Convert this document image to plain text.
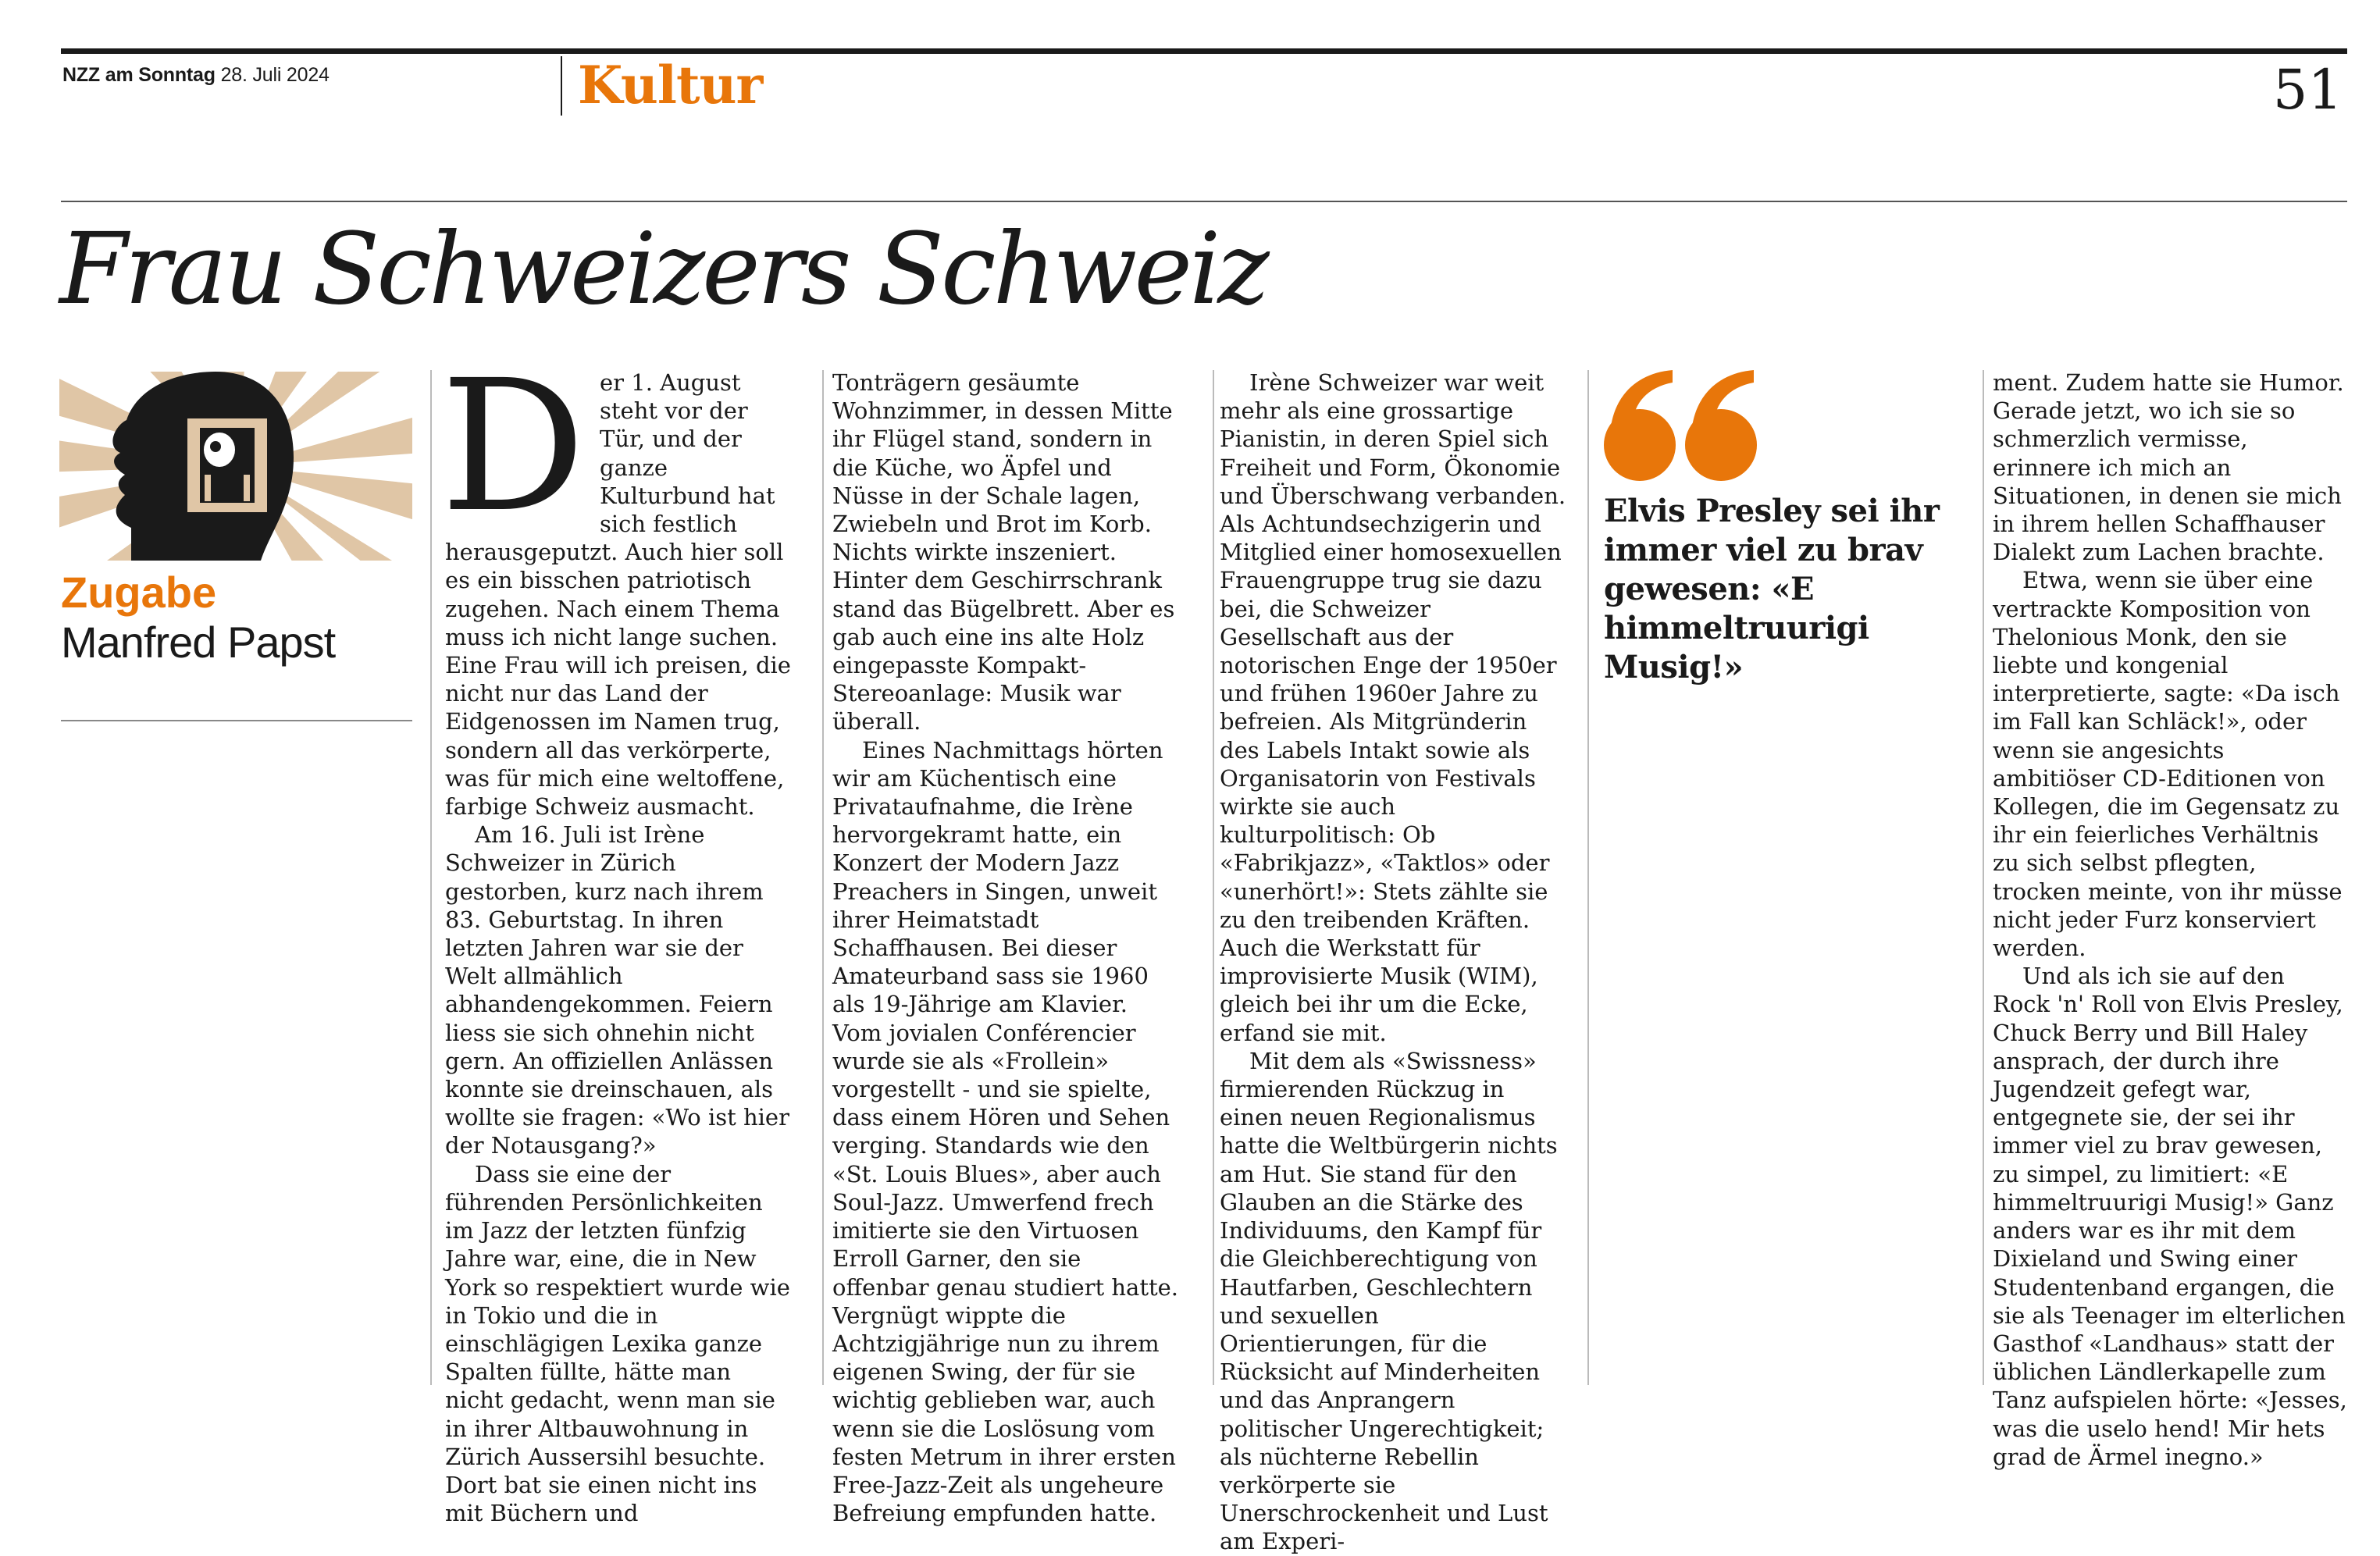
NZZ am Sonntag 28. Juli 2024	Kultur	51
Frau Schweizers Schweiz
Zugabe
Manfred Papst
D er 1. August steht vor der Tür, und der ganze Kulturbund hat sich festlich herausgeputzt. Auch hier soll es ein bisschen patriotisch zugehen. Nach einem Thema muss ich nicht lange suchen. Eine Frau will ich preisen, die nicht nur das Land der Eidgenossen im Namen trug, sondern all das verkörperte, was für mich eine weltoffene, farbige Schweiz ausmacht.

Am 16. Juli ist Irène Schweizer in Zürich gestorben, kurz nach ihrem 83. Geburtstag. In ihren letzten Jahren war sie der Welt allmählich abhandengekommen. Feiern liess sie sich ohnehin nicht gern. An offiziellen Anlässen konnte sie dreinschauen, als wollte sie fragen: «Wo ist hier der Notausgang?»

Dass sie eine der führenden Persönlichkeiten im Jazz der letzten fünfzig Jahre war, eine, die in New York so respektiert wurde wie in Tokio und die in einschlägigen Lexika ganze Spalten füllte, hätte man nicht gedacht, wenn man sie in ihrer Altbauwohnung in Zürich Aussersihl besuchte. Dort bat sie einen nicht ins mit Büchern und

Tonträgern gesäumte Wohnzimmer, in dessen Mitte ihr Flügel stand, sondern in die Küche, wo Äpfel und Nüsse in der Schale lagen, Zwiebeln und Brot im Korb. Nichts wirkte inszeniert. Hinter dem Geschirrschrank stand das Bügelbrett. Aber es gab auch eine ins alte Holz eingepasste Kompakt-Stereoanlage: Musik war überall.

Eines Nachmittags hörten wir am Küchentisch eine Privataufnahme, die Irène hervorgekramt hatte, ein Konzert der Modern Jazz Preachers in Singen, unweit ihrer Heimatstadt Schaffhausen. Bei dieser Amateurband sass sie 1960 als 19-Jährige am Klavier. Vom jovialen Conférencier wurde sie als «Frollein» vorgestellt - und sie spielte, dass einem Hören und Sehen verging. Standards wie den «St. Louis Blues», aber auch Soul-Jazz. Umwerfend frech imitierte sie den Virtuosen Erroll Garner, den sie offenbar genau studiert hatte. Vergnügt wippte die Achtzigjährige nun zu ihrem eigenen Swing, der für sie wichtig geblieben war, auch wenn sie die Loslösung vom festen Metrum in ihrer ersten Free-Jazz-Zeit als ungeheure Befreiung empfunden hatte.

Irène Schweizer war weit mehr als eine grossartige Pianistin, in deren Spiel sich Freiheit und Form, Ökonomie und Überschwang verbanden. Als Achtundsechzigerin und Mitglied einer homosexuellen Frauengruppe trug sie dazu bei, die Schweizer Gesellschaft aus der notorischen Enge der 1950er und frühen 1960er Jahre zu befreien. Als Mitgründerin des Labels Intakt sowie als Organisatorin von Festivals wirkte sie auch kulturpolitisch: Ob «Fabrikjazz», «Taktlos» oder «unerhört!»: Stets zählte sie zu den treibenden Kräften. Auch die Werkstatt für improvisierte Musik (WIM), gleich bei ihr um die Ecke, erfand sie mit.

Mit dem als «Swissness» firmierenden Rückzug in einen neuen Regionalismus hatte die Weltbürgerin nichts am Hut. Sie stand für den Glauben an die Stärke des Individuums, den Kampf für die Gleichberechtigung von Hautfarben, Geschlechtern und sexuellen Orientierungen, für die Rücksicht auf Minderheiten und das Anprangern politischer Ungerechtigkeit; als nüchterne Rebellin verkörperte sie Unerschrockenheit und Lust am Experi-

Elvis Presley sei ihr immer viel zu brav gewesen: «E himmeltruurigi Musig!»

ment. Zudem hatte sie Humor. Gerade jetzt, wo ich sie so schmerzlich vermisse, erinnere ich mich an Situationen, in denen sie mich in ihrem hellen Schaffhauser Dialekt zum Lachen brachte.

Etwa, wenn sie über eine vertrackte Komposition von Thelonious Monk, den sie liebte und kongenial interpretierte, sagte: «Da isch im Fall kan Schläck!», oder wenn sie angesichts ambitiöser CD-Editionen von Kollegen, die im Gegensatz zu ihr ein feierliches Verhältnis zu sich selbst pflegten, trocken meinte, von ihr müsse nicht jeder Furz konserviert werden.

Und als ich sie auf den Rock 'n' Roll von Elvis Presley, Chuck Berry und Bill Haley ansprach, der durch ihre Jugendzeit gefegt war, entgegnete sie, der sei ihr immer viel zu brav gewesen, zu simpel, zu limitiert: «E himmeltruurigi Musig!» Ganz anders war es ihr mit dem Dixieland und Swing einer Studentenband ergangen, die sie als Teenager im elterlichen Gasthof «Landhaus» statt der üblichen Ländlerkapelle zum Tanz aufspielen hörte: «Jesses, was die uselo hend! Mir hets grad de Ärmel inegno.»
